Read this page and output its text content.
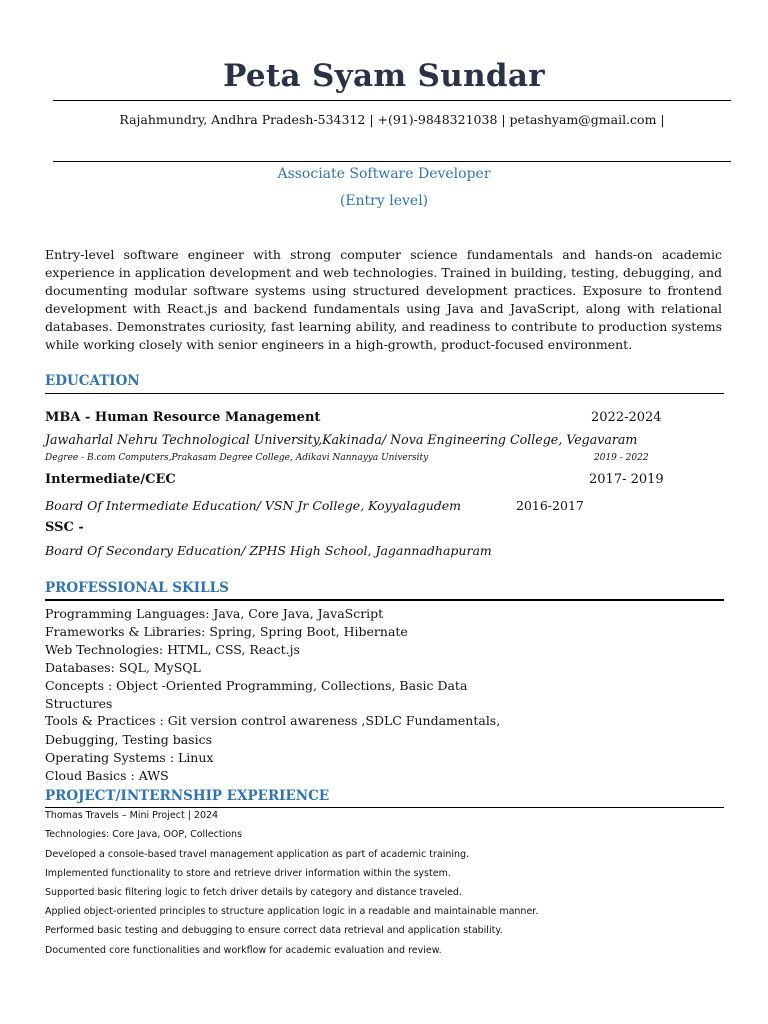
Peta Syam Sundar
Rajahmundry, Andhra Pradesh-534312 | +(91)-9848321038 | petashyam@gmail.com |
Associate Software Developer
(Entry level)
Entry-level software engineer with strong computer science fundamentals and hands-on academic experience in application development and web technologies. Trained in building, testing, debugging, and documenting modular software systems using structured development practices. Exposure to frontend development with React.js and backend fundamentals using Java and JavaScript, along with relational databases. Demonstrates curiosity, fast learning ability, and readiness to contribute to production systems while working closely with senior engineers in a high-growth, product-focused environment.
EDUCATION
MBA - Human Resource Management	2022-2024
Jawaharlal Nehru Technological University,Kakinada/ Nova Engineering College, Vegavaram
Degree - B.com Computers,Prakasam Degree College, Adikavi Nannayya University	2019 - 2022
Intermediate/CEC	2017- 2019
Board Of Intermediate Education/ VSN Jr College, Koyyalagudem	2016-2017
SSC -
Board Of Secondary Education/ ZPHS High School, Jagannadhapuram
PROFESSIONAL SKILLS
Programming Languages: Java, Core Java, JavaScript
Frameworks & Libraries: Spring, Spring Boot, Hibernate
Web Technologies: HTML, CSS, React.js
Databases: SQL, MySQL
Concepts : Object -Oriented Programming, Collections, Basic Data
Structures
Tools & Practices : Git version control awareness ,SDLC Fundamentals,
Debugging, Testing basics
Operating Systems : Linux
Cloud Basics : AWS
PROJECT/INTERNSHIP EXPERIENCE
Thomas Travels – Mini Project | 2024
Technologies: Core Java, OOP, Collections
Developed a console-based travel management application as part of academic training.
Implemented functionality to store and retrieve driver information within the system.
Supported basic filtering logic to fetch driver details by category and distance traveled.
Applied object-oriented principles to structure application logic in a readable and maintainable manner.
Performed basic testing and debugging to ensure correct data retrieval and application stability.
Documented core functionalities and workflow for academic evaluation and review.
